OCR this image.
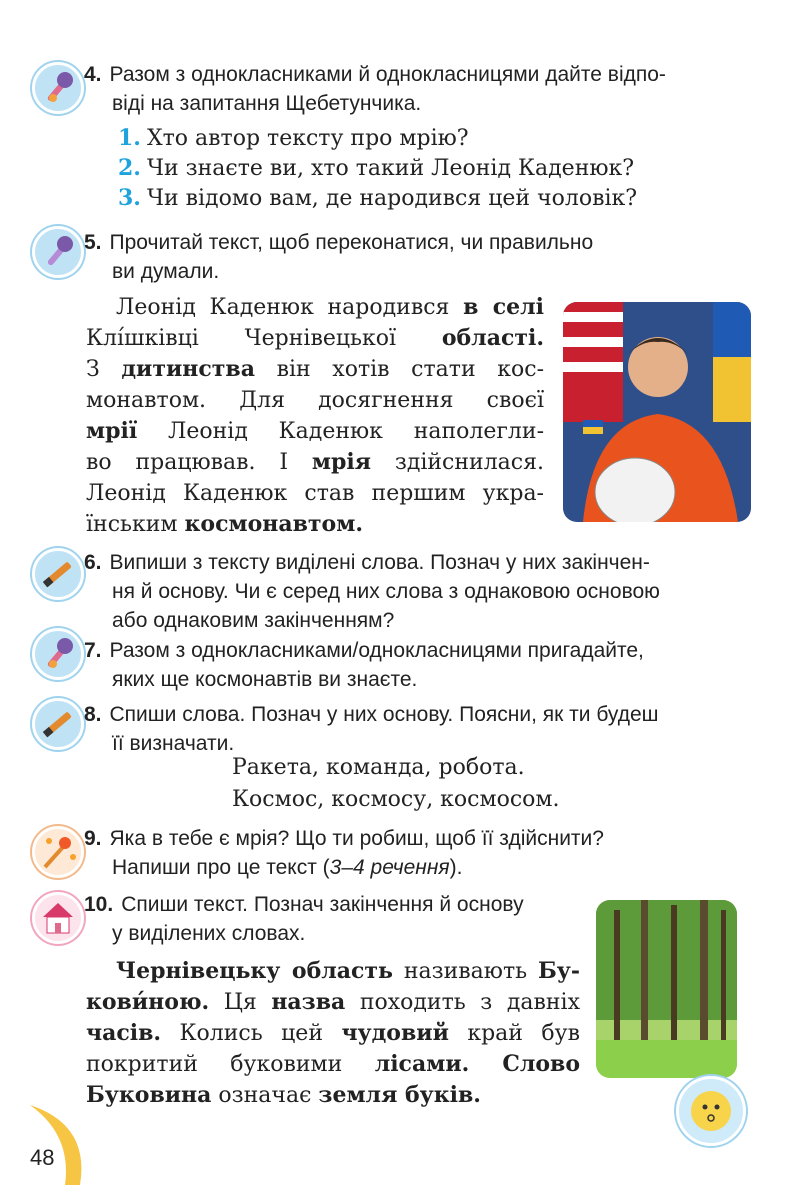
48
4. Разом з однокласниками й однокласницями дайте відпо-
віді на запитання Щебетунчика.
1. Хто автор тексту про мрію?
2. Чи знаєте ви, хто такий Леонід Каденюк?
3. Чи відомо вам, де народився цей чоловік?
5. Прочитай текст, щоб переконатися, чи правильно
ви думали.
Леонід Каденюк народився в селі
Клі́шківці Чернівецької області.
З дитинства він хотів стати кос-
монавтом. Для досягнення своєї
мрії Леонід Каденюк наполегли-
во працював. І мрія здійснилася.
Леонід Каденюк став першим укра-
їнським космонавтом.
6. Випиши з тексту виділені слова. Познач у них закінчен-
ня й основу. Чи є серед них слова з однаковою основою
або однаковим закінченням?
7. Разом з однокласниками/однокласницями пригадайте,
яких ще космонавтів ви знаєте.
8. Спиши слова. Познач у них основу. Поясни, як ти будеш
її визначати.
Ракета, команда, робота.
Космос, космосу, космосом.
9. Яка в тебе є мрія? Що ти робиш, щоб її здійснити?
Напиши про це текст (3–4 речення).
10. Спиши текст. Познач закінчення й основу
у виділених словах.
Чернівецьку область називають Бу-
кови́ною. Ця назва походить з давніх
часів. Колись цей чудовий край був
покритий буковими лісами. Слово
Буковина означає земля буків.
